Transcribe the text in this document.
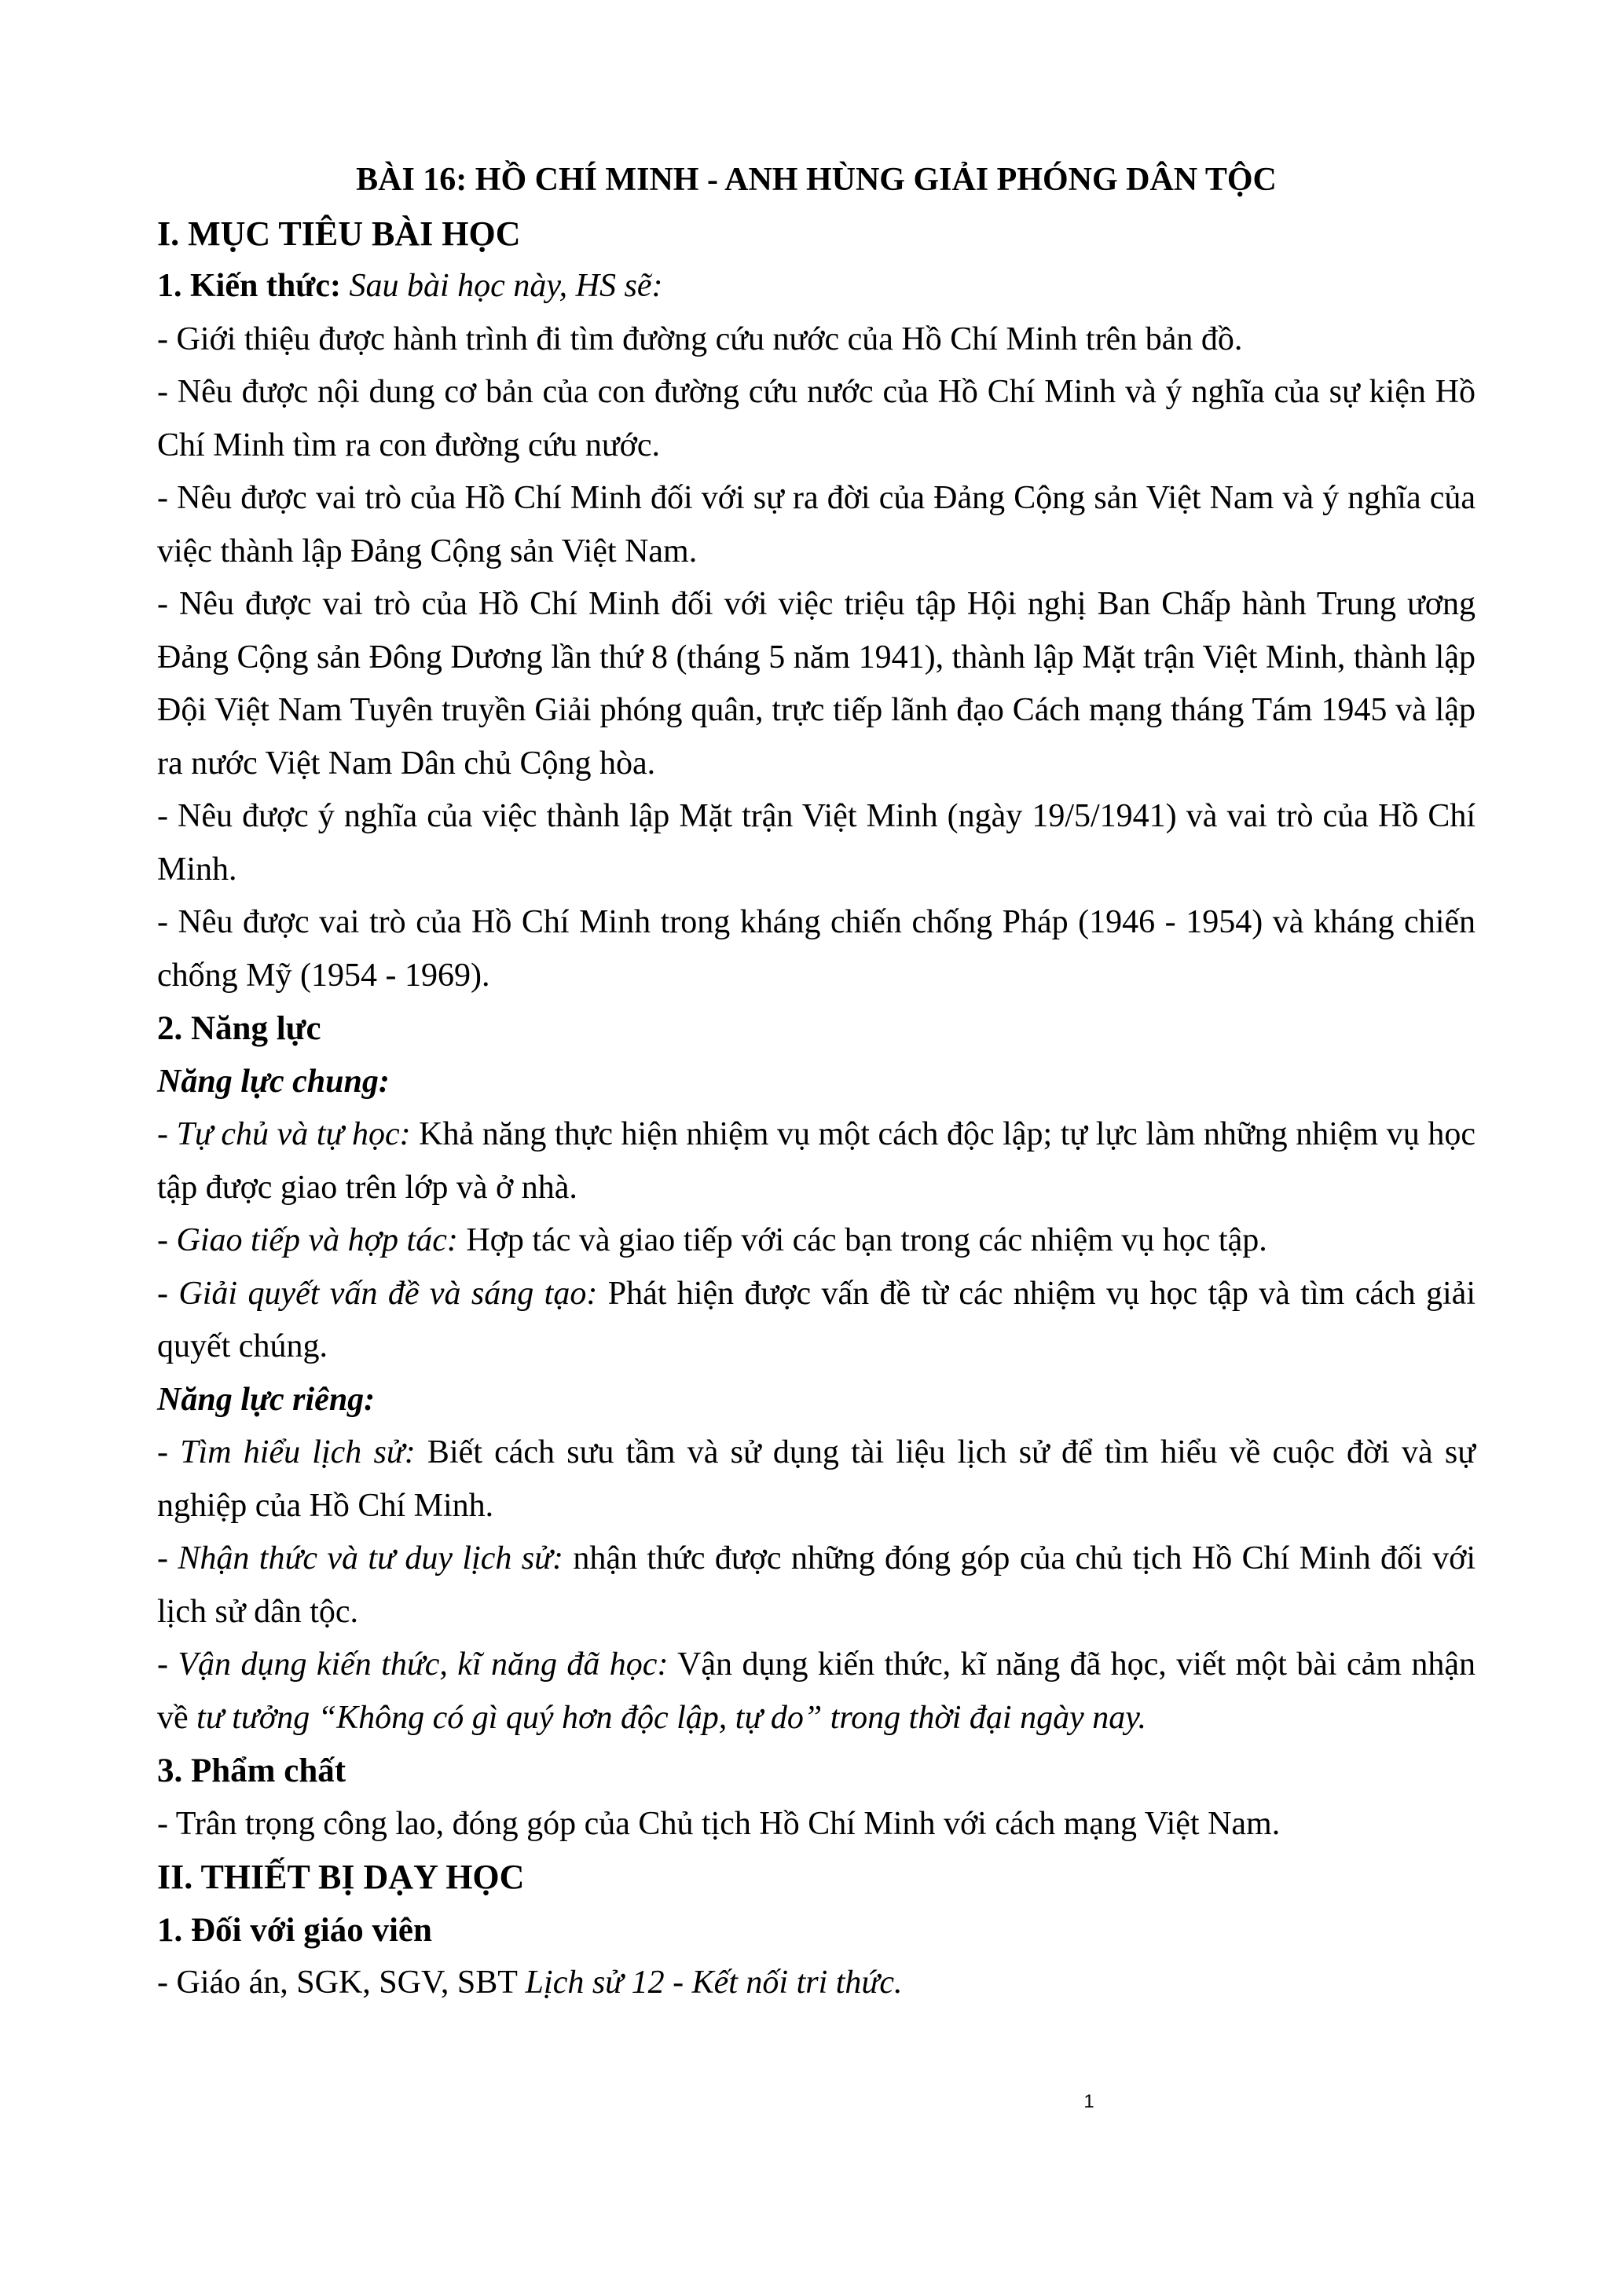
BÀI 16: HỒ CHÍ MINH - ANH HÙNG GIẢI PHÓNG DÂN TỘC

I. MỤC TIÊU BÀI HỌC

1. Kiến thức: Sau bài học này, HS sẽ:

- Giới thiệu được hành trình đi tìm đường cứu nước của Hồ Chí Minh trên bản đồ.

- Nêu được nội dung cơ bản của con đường cứu nước của Hồ Chí Minh và ý nghĩa của sự kiện Hồ Chí Minh tìm ra con đường cứu nước.

- Nêu được vai trò của Hồ Chí Minh đối với sự ra đời của Đảng Cộng sản Việt Nam và ý nghĩa của việc thành lập Đảng Cộng sản Việt Nam.

- Nêu được vai trò của Hồ Chí Minh đối với việc triệu tập Hội nghị Ban Chấp hành Trung ương Đảng Cộng sản Đông Dương lần thứ 8 (tháng 5 năm 1941), thành lập Mặt trận Việt Minh, thành lập Đội Việt Nam Tuyên truyền Giải phóng quân, trực tiếp lãnh đạo Cách mạng tháng Tám 1945 và lập ra nước Việt Nam Dân chủ Cộng hòa.

- Nêu được ý nghĩa của việc thành lập Mặt trận Việt Minh (ngày 19/5/1941) và vai trò của Hồ Chí Minh.

- Nêu được vai trò của Hồ Chí Minh trong kháng chiến chống Pháp (1946 - 1954) và kháng chiến chống Mỹ (1954 - 1969).

2. Năng lực

Năng lực chung:

- Tự chủ và tự học: Khả năng thực hiện nhiệm vụ một cách độc lập; tự lực làm những nhiệm vụ học tập được giao trên lớp và ở nhà.

- Giao tiếp và hợp tác: Hợp tác và giao tiếp với các bạn trong các nhiệm vụ học tập.

- Giải quyết vấn đề và sáng tạo: Phát hiện được vấn đề từ các nhiệm vụ học tập và tìm cách giải quyết chúng.

Năng lực riêng:

- Tìm hiểu lịch sử: Biết cách sưu tầm và sử dụng tài liệu lịch sử để tìm hiểu về cuộc đời và sự nghiệp của Hồ Chí Minh.

- Nhận thức và tư duy lịch sử: nhận thức được những đóng góp của chủ tịch Hồ Chí Minh đối với lịch sử dân tộc.

- Vận dụng kiến thức, kĩ năng đã học: Vận dụng kiến thức, kĩ năng đã học, viết một bài cảm nhận về tư tưởng “Không có gì quý hơn độc lập, tự do” trong thời đại ngày nay.

3. Phẩm chất

- Trân trọng công lao, đóng góp của Chủ tịch Hồ Chí Minh với cách mạng Việt Nam.

II. THIẾT BỊ DẠY HỌC

1. Đối với giáo viên

- Giáo án, SGK, SGV, SBT Lịch sử 12 - Kết nối tri thức.

1
